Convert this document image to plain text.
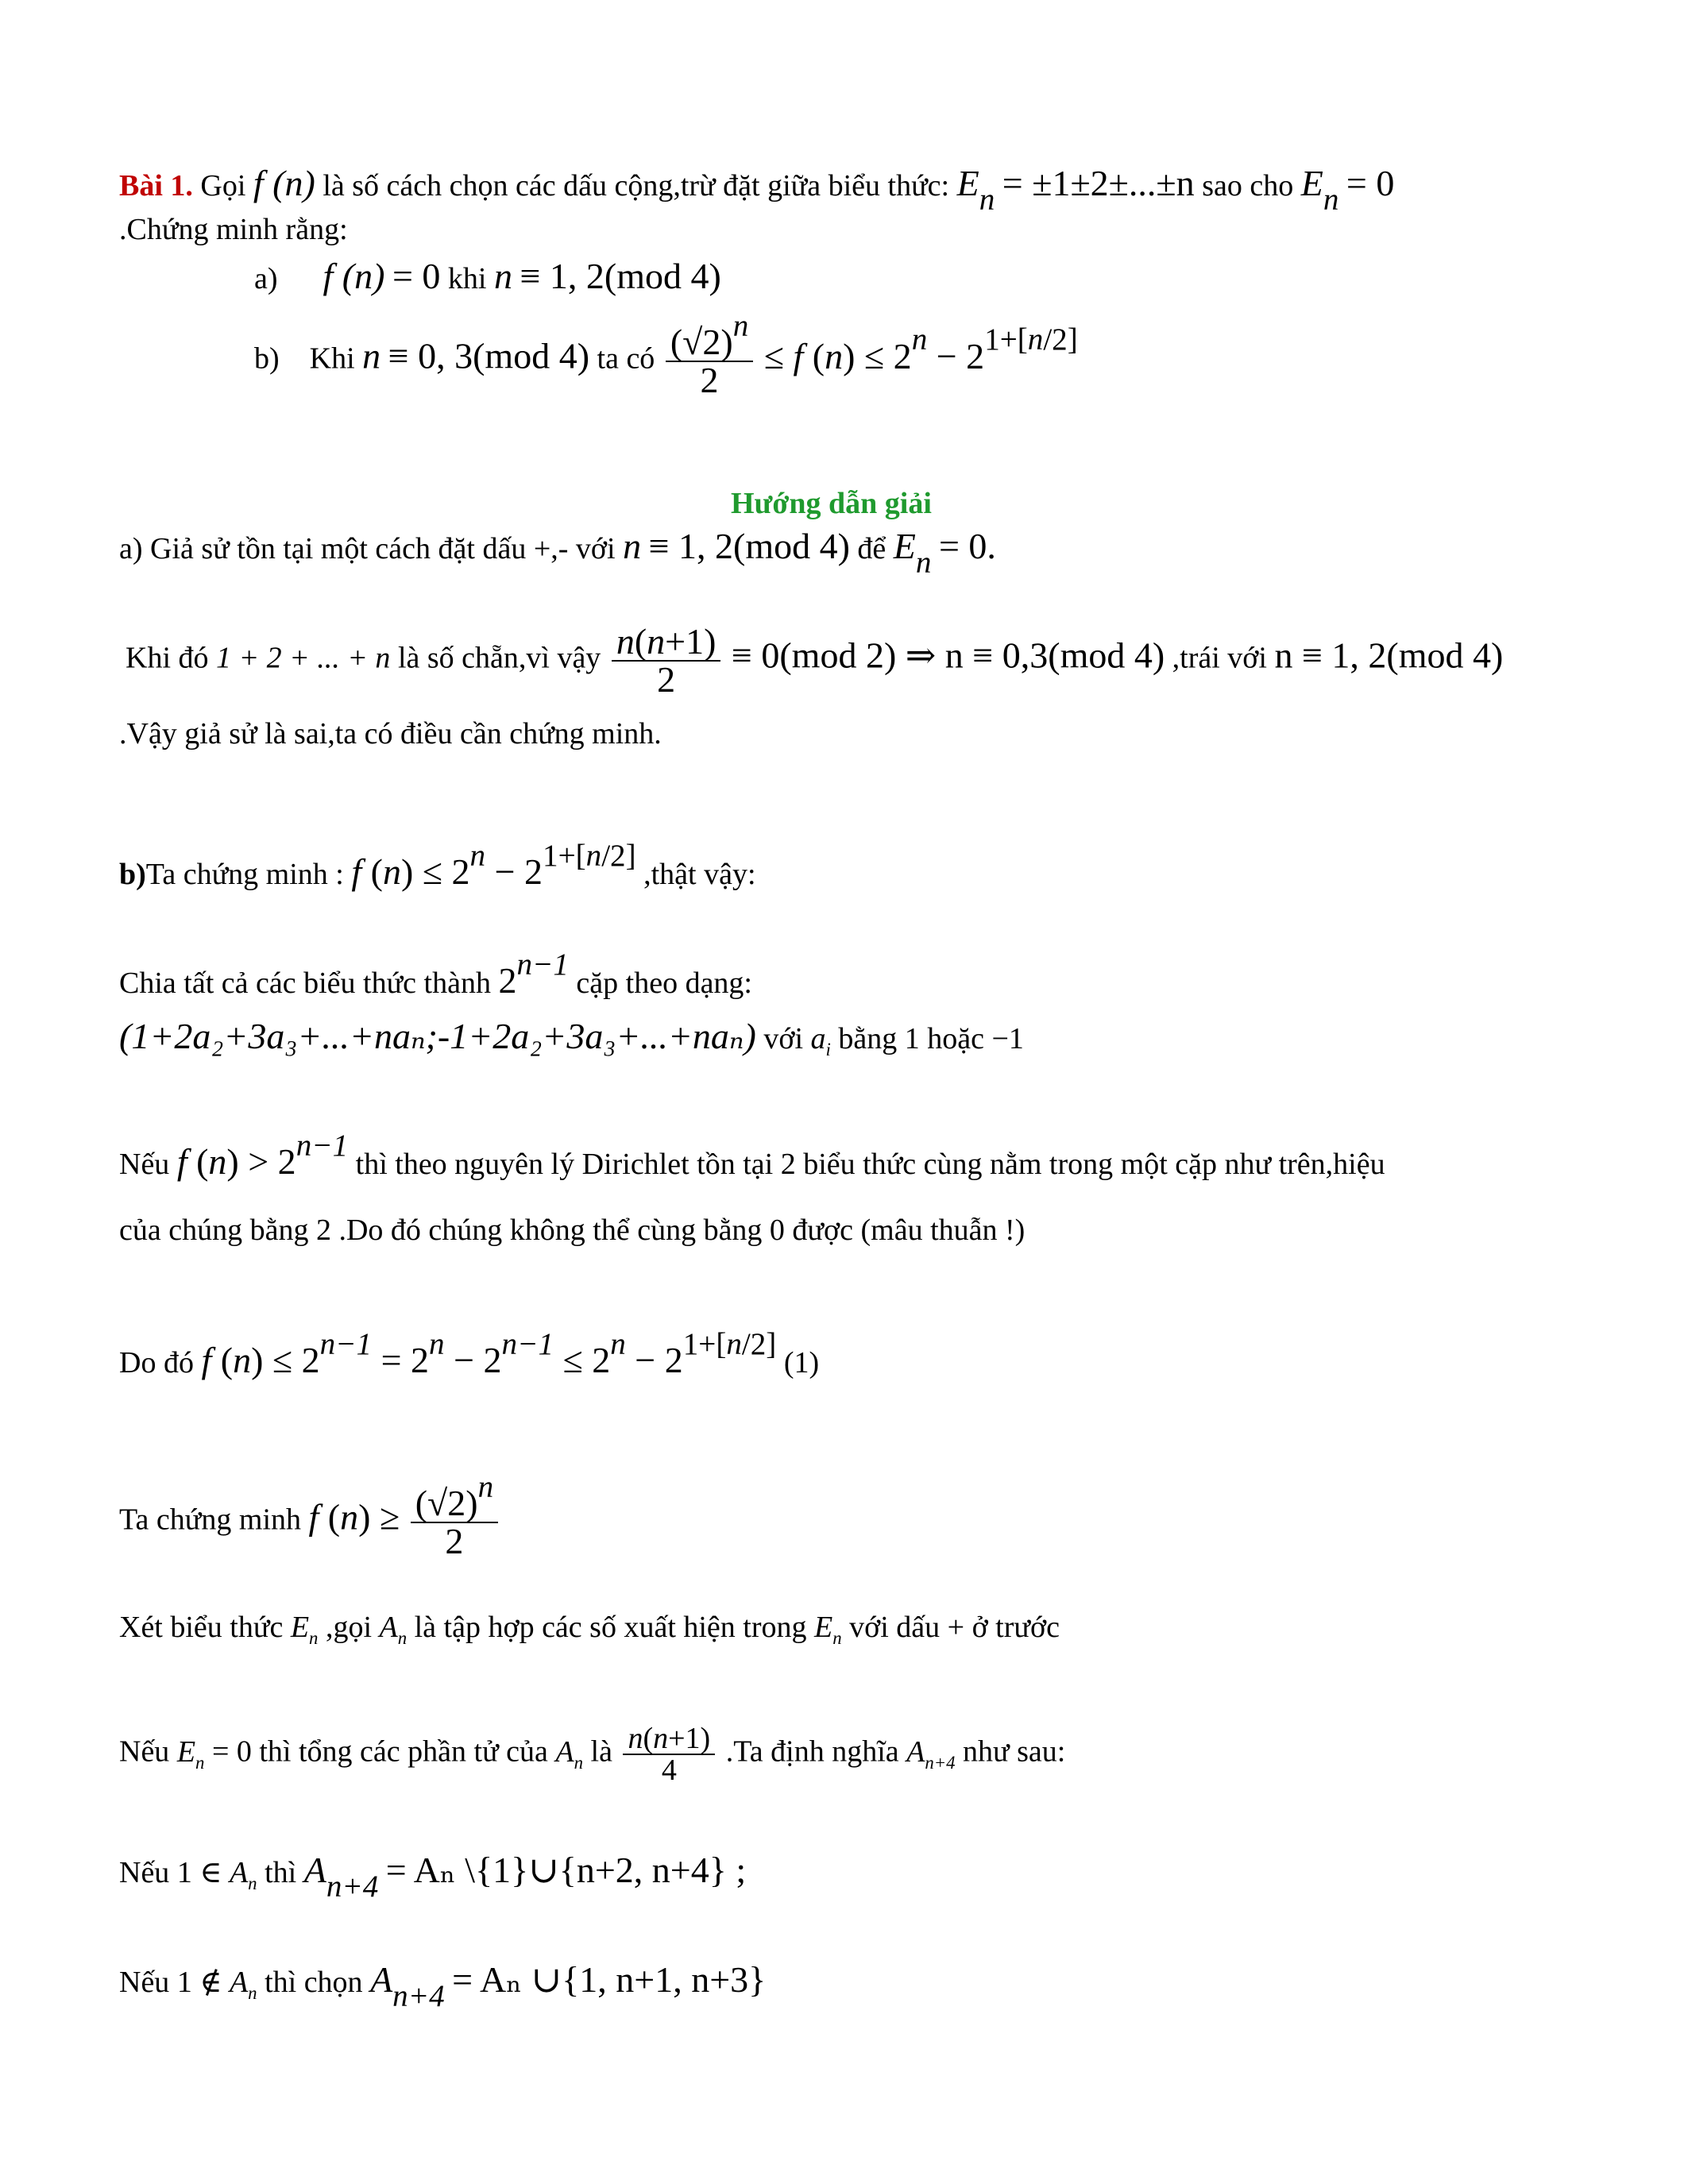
Bài 1. Gọi f (n) là số cách chọn các dấu cộng,trừ đặt giữa biểu thức: $E_n = \pm 1\pm 2\pm...\pm n$ sao cho $E_n = 0$
.Chứng minh rằng:
a) f (n) = 0 khi n ≡ 1, 2(mod 4)
b) Khi n ≡ 0, 3(mod 4) ta có $\frac{(√2)^n}{2} \le f$ $(n) \le 2^n - 2^{1+[n/2]}$
Hướng dẫn giải
a) Giả sử tồn tại một cách đặt dấu +,- với n ≡ 1, 2(mod 4) để $E_n = 0$.
Khi đó 1 + 2 + ... + n là số chẵn,vì vậy $\frac{n(n+1)}{2} \equiv 0(mod$ 2) ⇒ n ≡ 0,3(mod 4) ,trái với n ≡ 1, 2(mod 4)
.Vậy giả sử là sai,ta có điều cần chứng minh.
b)Ta chứng minh : f $(n) \le 2^n - 2^{1+[n/2]}$ ,thật vậy:
Chia tất cả các biểu thức thành $2^{n-1}$ cặp theo dạng:
(1+2a₂+3a₃+...+naₙ;-1+2a₂+3a₃+...+naₙ) với $a_i$ bằng 1 hoặc −1
Nếu f $(n) > 2^{n-1}$ thì theo nguyên lý Dirichlet tồn tại 2 biểu thức cùng nằm trong một cặp như trên,hiệu
của chúng bằng 2 .Do đó chúng không thể cùng bằng 0 được (mâu thuẫn !)
Do đó f $(n) \le 2^{n-1} = 2^n - 2^{n-1} \le 2^n - 2^{1+[n/2]}$ (1)
Ta chứng minh f $(n) \ge \frac{(√2)^n}{2}$
Xét biểu thức $E_n$ ,gọi $A_n$ là tập hợp các số xuất hiện trong $E_n$ với dấu + ở trước
Nếu $E_n = 0$ thì tổng các phần tử của $A_n$ là $\frac{n(n+1)}{4} .Ta$ định nghĩa $A_{n+4}$ như sau:
Nếu 1 ∈ $A_n$ thì $A_{n+4} = A_n$ \{1}∪{n+2, n+4} ;
Nếu 1 ∉ $A_n$ thì chọn $A_{n+4} = A_n$ ∪{1, n+1, n+3}
